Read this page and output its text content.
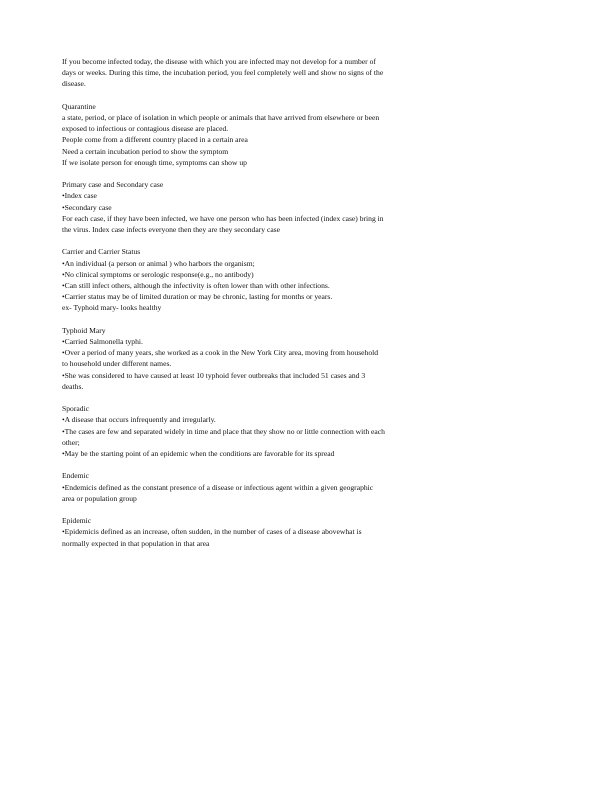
If you become infected today, the disease with which you are infected may not develop for a number of
days or weeks. During this time, the incubation period, you feel completely well and show no signs of the
disease.
Quarantine
a state, period, or place of isolation in which people or animals that have arrived from elsewhere or been
exposed to infectious or contagious disease are placed.
People come from a different country placed in a certain area
Need a certain incubation period to show the symptom
If we isolate person for enough time, symptoms can show up
Primary case and Secondary case
•Index case
•Secondary case
For each case, if they have been infected, we have one person who has been infected (index case) bring in
the virus. Index case infects everyone then they are they secondary case
Carrier and Carrier Status
•An individual (a person or animal ) who harbors the organism;
•No clinical symptoms or serologic response(e.g., no antibody)
•Can still infect others, although the infectivity is often lower than with other infections.
•Carrier status may be of limited duration or may be chronic, lasting for months or years.
ex- Typhoid mary- looks healthy
Typhoid Mary
•Carried Salmonella typhi.
•Over a period of many years, she worked as a cook in the New York City area, moving from household
to household under different names.
•She was considered to have caused at least 10 typhoid fever outbreaks that included 51 cases and 3
deaths.
Sporadic
•A disease that occurs infrequently and irregularly.
•The cases are few and separated widely in time and place that they show no or little connection with each
other;
•May be the starting point of an epidemic when the conditions are favorable for its spread
Endemic
•Endemicis defined as the constant presence of a disease or infectious agent within a given geographic
area or population group
Epidemic
•Epidemicis defined as an increase, often sudden, in the number of cases of a disease abovewhat is
normally expected in that population in that area
